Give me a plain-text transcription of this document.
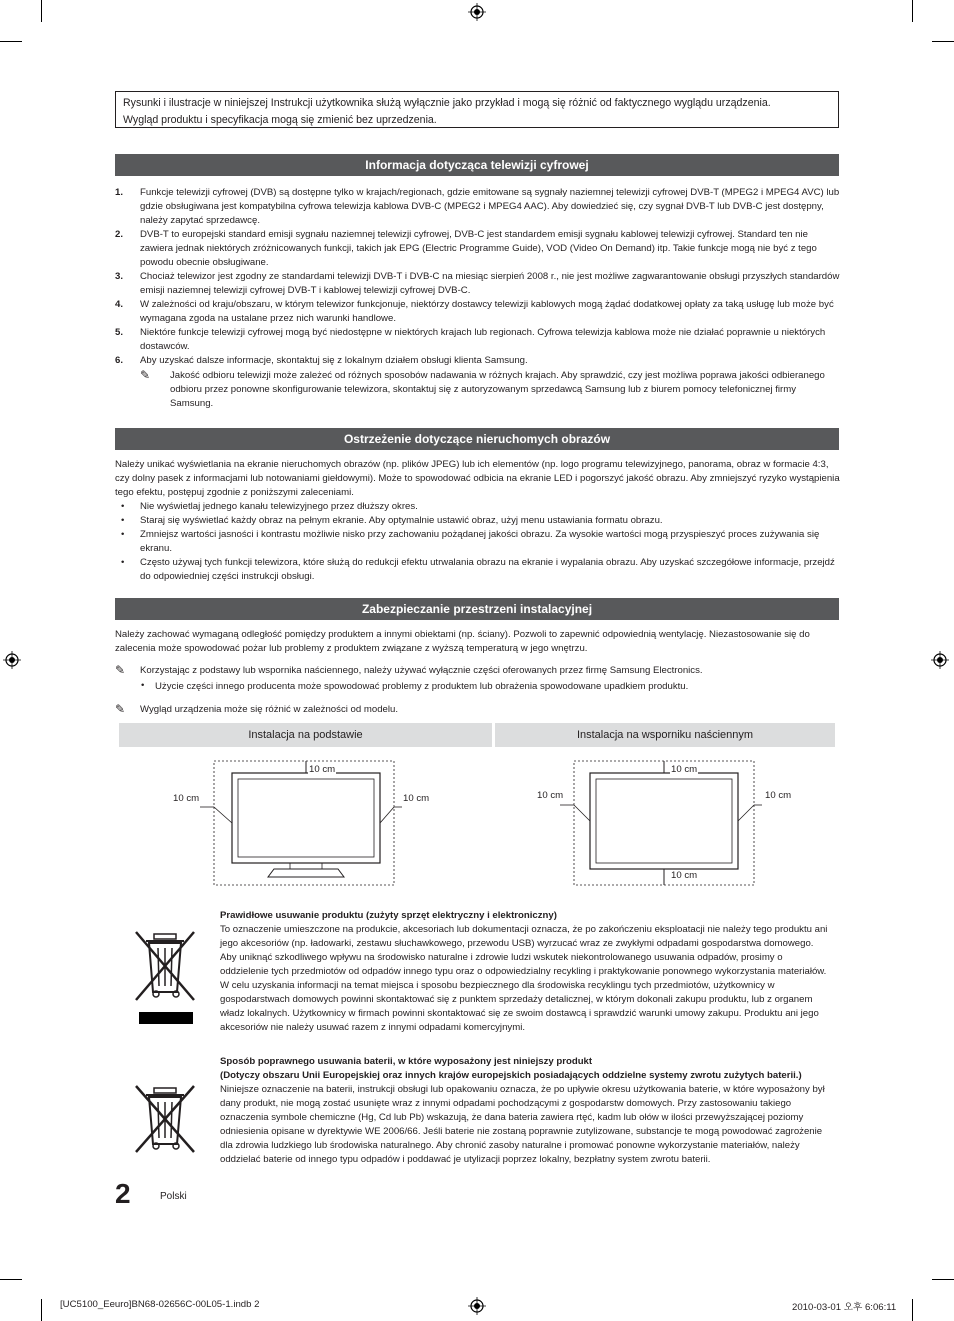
Rysunki i ilustracje w niniejszej Instrukcji użytkownika służą wyłącznie jako przykład i mogą się różnić od faktycznego wyglądu urządzenia.
Wygląd produktu i specyfikacja mogą się zmienić bez uprzedzenia.
Informacja dotycząca telewizji cyfrowej
1. Funkcje telewizji cyfrowej (DVB) są dostępne tylko w krajach/regionach, gdzie emitowane są sygnały naziemnej telewizji cyfrowej DVB-T (MPEG2 i MPEG4 AVC) lub gdzie obsługiwana jest kompatybilna cyfrowa telewizja kablowa DVB-C (MPEG2 i MPEG4 AAC). Aby dowiedzieć się, czy sygnał DVB-T lub DVB-C jest dostępny, należy zapytać sprzedawcę.
2. DVB-T to europejski standard emisji sygnału naziemnej telewizji cyfrowej, DVB-C jest standardem emisji sygnału kablowej telewizji cyfrowej. Standard ten nie zawiera jednak niektórych zróżnicowanych funkcji, takich jak EPG (Electric Programme Guide), VOD (Video On Demand) itp. Takie funkcje mogą nie być z tego powodu obecnie obsługiwane.
3. Chociaż telewizor jest zgodny ze standardami telewizji DVB-T i DVB-C na miesiąc sierpień 2008 r., nie jest możliwe zagwarantowanie obsługi przyszłych standardów emisji naziemnej telewizji cyfrowej DVB-T i kablowej telewizji cyfrowej DVB-C.
4. W zależności od kraju/obszaru, w którym telewizor funkcjonuje, niektórzy dostawcy telewizji kablowych mogą żądać dodatkowej opłaty za taką usługę lub może być wymagana zgoda na ustalane przez nich warunki handlowe.
5. Niektóre funkcje telewizji cyfrowej mogą być niedostępne w niektórych krajach lub regionach. Cyfrowa telewizja kablowa może nie działać poprawnie u niektórych dostawców.
6. Aby uzyskać dalsze informacje, skontaktuj się z lokalnym działem obsługi klienta Samsung.
✎ Jakość odbioru telewizji może zależeć od różnych sposobów nadawania w różnych krajach. Aby sprawdzić, czy jest możliwa poprawa jakości odbieranego odbioru przez ponowne skonfigurowanie telewizora, skontaktuj się z autoryzowanym sprzedawcą Samsung lub z biurem pomocy telefonicznej firmy Samsung.
Ostrzeżenie dotyczące nieruchomych obrazów
Należy unikać wyświetlania na ekranie nieruchomych obrazów (np. plików JPEG) lub ich elementów (np. logo programu telewizyjnego, panorama, obraz w formacie 4:3, czy dolny pasek z informacjami lub notowaniami giełdowymi). Może to spowodować odbicia na ekranie LED i pogorszyć jakość obrazu. Aby zmniejszyć ryzyko wystąpienia tego efektu, postępuj zgodnie z poniższymi zaleceniami.
• Nie wyświetlaj jednego kanału telewizyjnego przez dłuższy okres.
• Staraj się wyświetlać każdy obraz na pełnym ekranie. Aby optymalnie ustawić obraz, użyj menu ustawiania formatu obrazu.
• Zmniejsz wartości jasności i kontrastu możliwie nisko przy zachowaniu pożądanej jakości obrazu. Za wysokie wartości mogą przyspieszyć proces zużywania się ekranu.
• Często używaj tych funkcji telewizora, które służą do redukcji efektu utrwalania obrazu na ekranie i wypalania obrazu. Aby uzyskać szczegółowe informacje, przejdź do odpowiedniej części instrukcji obsługi.
Zabezpieczanie przestrzeni instalacyjnej
Należy zachować wymaganą odległość pomiędzy produktem a innymi obiektami (np. ściany). Pozwoli to zapewnić odpowiednią wentylację. Niezastosowanie się do zalecenia może spowodować pożar lub problemy z produktem związane z wyższą temperaturą w jego wnętrzu.
✎ Korzystając z podstawy lub wspornika naściennego, należy używać wyłącznie części oferowanych przez firmę Samsung Electronics.
• Użycie części innego producenta może spowodować problemy z produktem lub obrażenia spowodowane upadkiem produktu.
✎ Wygląd urządzenia może się różnić w zależności od modelu.
Instalacja na podstawie	Instalacja na wsporniku naściennym
10 cm
10 cm	10 cm
10 cm
10 cm	10 cm
10 cm
Prawidłowe usuwanie produktu (zużyty sprzęt elektryczny i elektroniczny)
To oznaczenie umieszczone na produkcie, akcesoriach lub dokumentacji oznacza, że po zakończeniu eksploatacji nie należy tego produktu ani jego akcesoriów (np. ładowarki, zestawu słuchawkowego, przewodu USB) wyrzucać wraz ze zwykłymi odpadami gospodarstwa domowego. Aby uniknąć szkodliwego wpływu na środowisko naturalne i zdrowie ludzi wskutek niekontrolowanego usuwania odpadów, prosimy o oddzielenie tych przedmiotów od odpadów innego typu oraz o odpowiedzialny recykling i praktykowanie ponownego wykorzystania materiałów. W celu uzyskania informacji na temat miejsca i sposobu bezpiecznego dla środowiska recyklingu tych przedmiotów, użytkownicy w gospodarstwach domowych powinni skontaktować się z punktem sprzedaży detalicznej, w którym dokonali zakupu produktu, lub z organem władz lokalnych. Użytkownicy w firmach powinni skontaktować się ze swoim dostawcą i sprawdzić warunki umowy zakupu. Produktu ani jego akcesoriów nie należy usuwać razem z innymi odpadami komercyjnymi.
Sposób poprawnego usuwania baterii, w które wyposażony jest niniejszy produkt
(Dotyczy obszaru Unii Europejskiej oraz innych krajów europejskich posiadających oddzielne systemy zwrotu zużytych baterii.)
Niniejsze oznaczenie na baterii, instrukcji obsługi lub opakowaniu oznacza, że po upływie okresu użytkowania baterie, w które wyposażony był dany produkt, nie mogą zostać usunięte wraz z innymi odpadami pochodzącymi z gospodarstw domowych. Przy zastosowaniu takiego oznaczenia symbole chemiczne (Hg, Cd lub Pb) wskazują, że dana bateria zawiera rtęć, kadm lub ołów w ilości przewyższającej poziomy odniesienia opisane w dyrektywie WE 2006/66. Jeśli baterie nie zostaną poprawnie zutylizowane, substancje te mogą powodować zagrożenie dla zdrowia ludzkiego lub środowiska naturalnego. Aby chronić zasoby naturalne i promować ponowne wykorzystanie materiałów, należy oddzielać baterie od innego typu odpadów i poddawać je utylizacji poprzez lokalny, bezpłatny system zwrotu baterii.
2	Polski
[UC5100_Eeuro]BN68-02656C-00L05-1.indb 2	2010-03-01 오후 6:06:11
